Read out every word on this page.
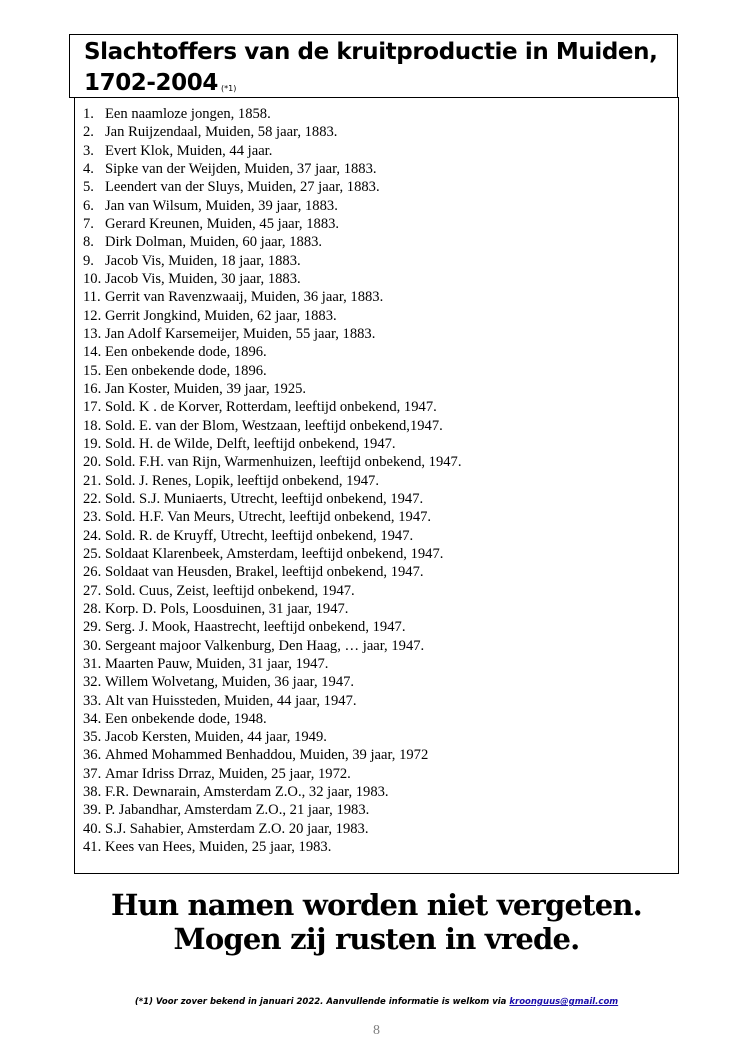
Slachtoffers van de kruitproductie in Muiden,
1702-2004 $^{(*1)}$
1. Een naamloze jongen, 1858.
2. Jan Ruijzendaal, Muiden, 58 jaar, 1883.
3. Evert Klok, Muiden, 44 jaar.
4. Sipke van der Weijden, Muiden, 37 jaar, 1883.
5. Leendert van der Sluys, Muiden, 27 jaar, 1883.
6. Jan van Wilsum, Muiden, 39 jaar, 1883.
7. Gerard Kreunen, Muiden, 45 jaar, 1883.
8. Dirk Dolman, Muiden, 60 jaar, 1883.
9. Jacob Vis, Muiden, 18 jaar, 1883.
10. Jacob Vis, Muiden, 30 jaar, 1883.
11. Gerrit van Ravenzwaaij, Muiden, 36 jaar, 1883.
12. Gerrit Jongkind, Muiden, 62 jaar, 1883.
13. Jan Adolf Karsemeijer, Muiden, 55 jaar, 1883.
14. Een onbekende dode, 1896.
15. Een onbekende dode, 1896.
16. Jan Koster, Muiden, 39 jaar, 1925.
17. Sold. K . de Korver, Rotterdam, leeftijd onbekend, 1947.
18. Sold. E. van der Blom, Westzaan, leeftijd onbekend,1947.
19. Sold. H. de Wilde, Delft, leeftijd onbekend, 1947.
20. Sold. F.H. van Rijn, Warmenhuizen, leeftijd onbekend, 1947.
21. Sold. J. Renes, Lopik, leeftijd onbekend, 1947.
22. Sold. S.J. Muniaerts, Utrecht, leeftijd onbekend, 1947.
23. Sold. H.F. Van Meurs, Utrecht, leeftijd onbekend, 1947.
24. Sold. R. de Kruyff, Utrecht, leeftijd onbekend, 1947.
25. Soldaat Klarenbeek, Amsterdam, leeftijd onbekend, 1947.
26. Soldaat van Heusden, Brakel, leeftijd onbekend, 1947.
27. Sold. Cuus, Zeist, leeftijd onbekend, 1947.
28. Korp. D. Pols, Loosduinen, 31 jaar, 1947.
29. Serg. J. Mook, Haastrecht, leeftijd onbekend, 1947.
30. Sergeant majoor Valkenburg, Den Haag, … jaar, 1947.
31. Maarten Pauw, Muiden, 31 jaar, 1947.
32. Willem Wolvetang, Muiden, 36 jaar, 1947.
33. Alt van Huissteden, Muiden, 44 jaar, 1947.
34. Een onbekende dode, 1948.
35. Jacob Kersten, Muiden, 44 jaar, 1949.
36. Ahmed Mohammed Benhaddou, Muiden, 39 jaar, 1972
37. Amar Idriss Drraz, Muiden, 25 jaar, 1972.
38. F.R. Dewnarain, Amsterdam Z.O., 32 jaar, 1983.
39. P. Jabandhar, Amsterdam Z.O., 21 jaar, 1983.
40. S.J. Sahabier, Amsterdam Z.O. 20 jaar, 1983.
41. Kees van Hees, Muiden, 25 jaar, 1983.
Hun namen worden niet vergeten.
Mogen zij rusten in vrede.
(*1) Voor zover bekend in januari 2022. Aanvullende informatie is welkom via kroonguus@gmail.com
8
